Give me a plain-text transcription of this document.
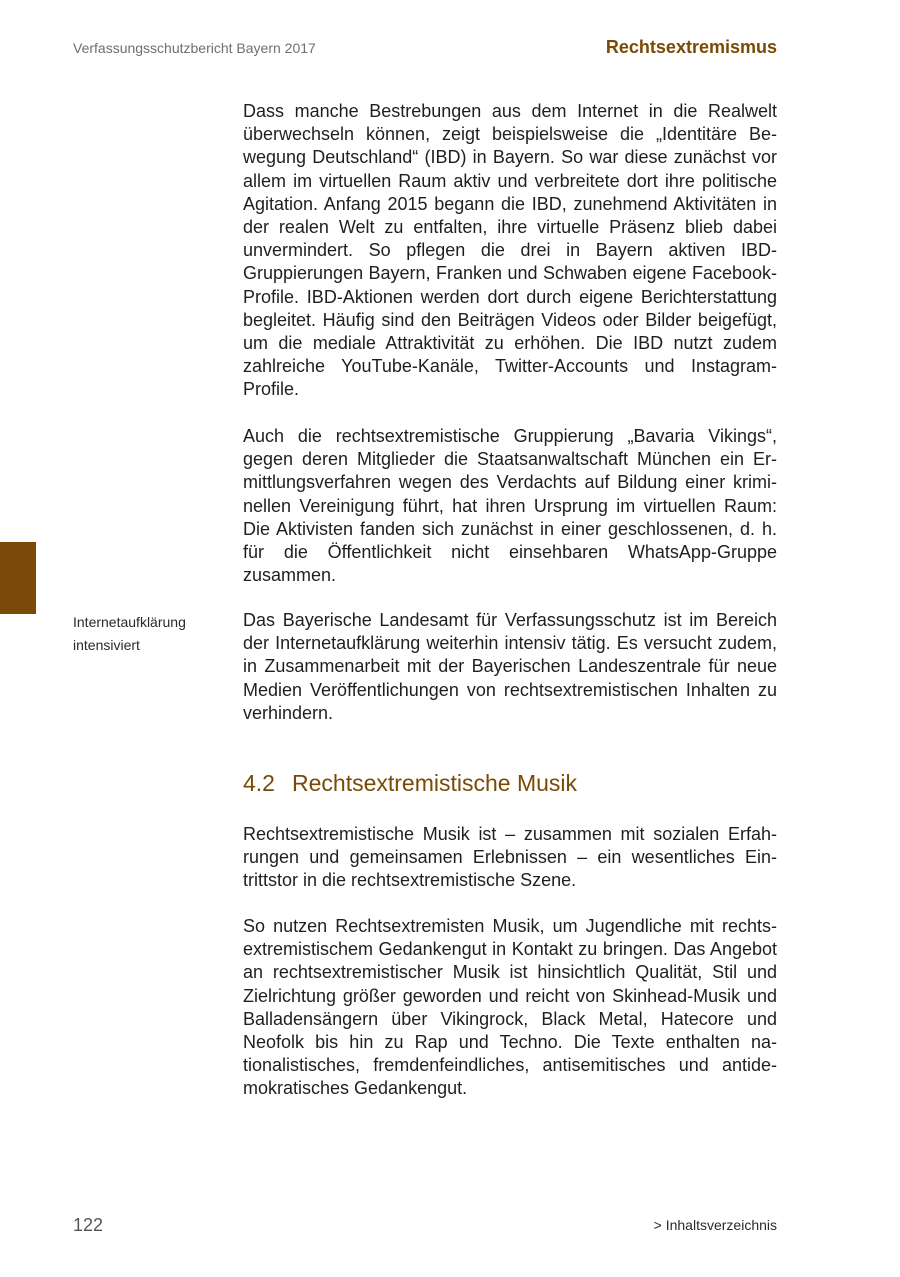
Verfassungsschutzbericht Bayern 2017	Rechtsextremismus

Dass manche Bestrebungen aus dem Internet in die Realwelt überwechseln können, zeigt beispielsweise die „Identitäre Bewegung Deutschland“ (IBD) in Bayern. So war diese zunächst vor allem im virtuellen Raum aktiv und verbreitete dort ihre politische Agitation. Anfang 2015 begann die IBD, zunehmend Aktivitäten in der realen Welt zu entfalten, ihre virtuelle Präsenz blieb dabei unvermindert. So pflegen die drei in Bayern aktiven IBD-Gruppierungen Bayern, Franken und Schwaben eigene Facebook-Profile. IBD-Aktionen werden dort durch eigene Berichterstattung begleitet. Häufig sind den Beiträgen Videos oder Bilder beigefügt, um die mediale Attraktivität zu erhöhen. Die IBD nutzt zudem zahlreiche YouTube-Kanäle, Twitter-Accounts und Instagram-Profile.

Auch die rechtsextremistische Gruppierung „Bavaria Vikings“, gegen deren Mitglieder die Staatsanwaltschaft München ein Ermittlungsverfahren wegen des Verdachts auf Bildung einer kriminellen Vereinigung führt, hat ihren Ursprung im virtuellen Raum: Die Aktivisten fanden sich zunächst in einer geschlossenen, d. h. für die Öffentlichkeit nicht einsehbaren WhatsApp-Gruppe zusammen.

Internetaufklärung
intensiviert

Das Bayerische Landesamt für Verfassungsschutz ist im Bereich der Internetaufklärung weiterhin intensiv tätig. Es versucht zudem, in Zusammenarbeit mit der Bayerischen Landeszentrale für neue Medien Veröffentlichungen von rechtsextremistischen Inhalten zu verhindern.

4.2 Rechtsextremistische Musik

Rechtsextremistische Musik ist – zusammen mit sozialen Erfahrungen und gemeinsamen Erlebnissen – ein wesentliches Eintrittstor in die rechtsextremistische Szene.

So nutzen Rechtsextremisten Musik, um Jugendliche mit rechtsextremistischem Gedankengut in Kontakt zu bringen. Das Angebot an rechtsextremistischer Musik ist hinsichtlich Qualität, Stil und Zielrichtung größer geworden und reicht von Skinhead-Musik und Balladensängern über Vikingrock, Black Metal, Hatecore und Neofolk bis hin zu Rap und Techno. Die Texte enthalten nationalistisches, fremdenfeindliches, antisemitisches und antidemokratisches Gedankengut.

122	> Inhaltsverzeichnis
